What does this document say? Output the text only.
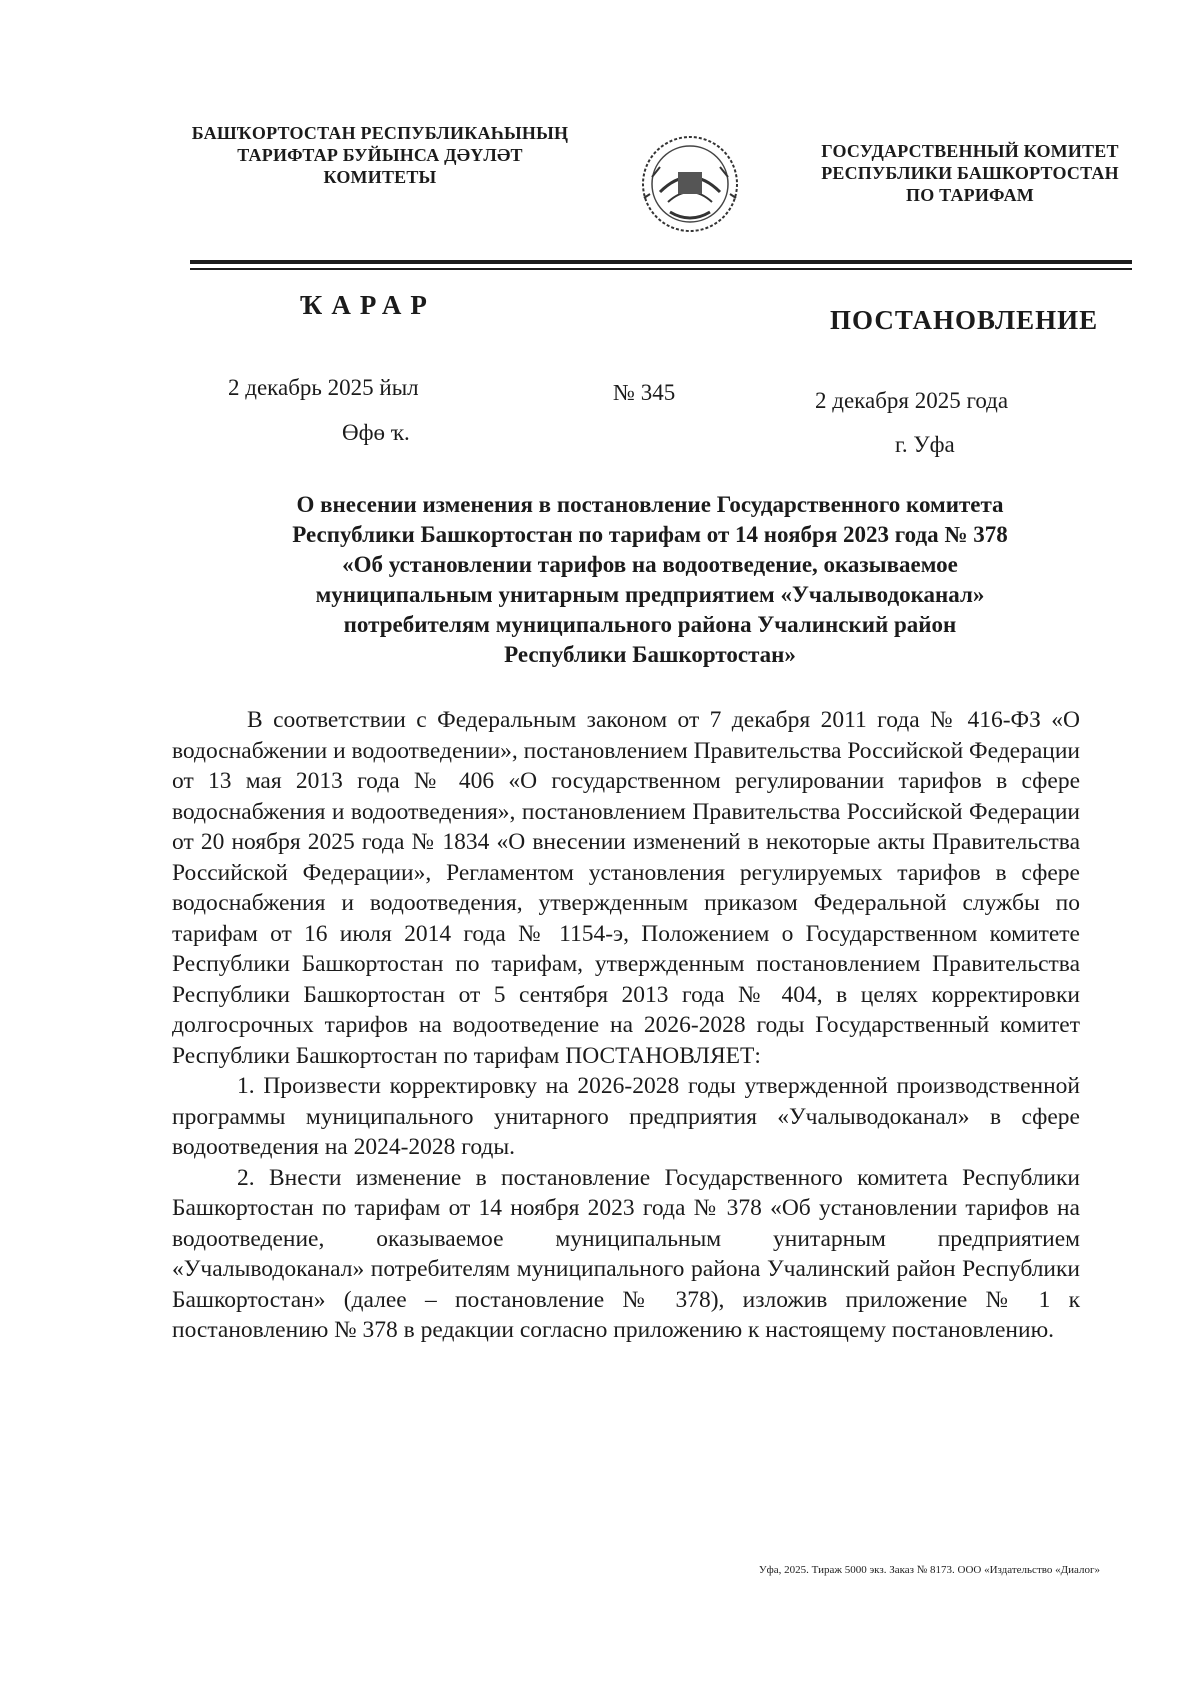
БАШҠОРТОСТАН РЕСПУБЛИКАҺЫНЫҢ
ТАРИФТАР БУЙЫНСА ДӘҮЛӘТ
КОМИТЕТЫ
ГОСУДАРСТВЕННЫЙ КОМИТЕТ
РЕСПУБЛИКИ БАШКОРТОСТАН
ПО ТАРИФАМ
ҠАРАР	ПОСТАНОВЛЕНИЕ
2 декабрь 2025 йыл	№ 345	2 декабря 2025 года
Өфө ҡ.	г. Уфа
О внесении изменения в постановление Государственного комитета
Республики Башкортостан по тарифам от 14 ноября 2023 года № 378
«Об установлении тарифов на водоотведение, оказываемое
муниципальным унитарным предприятием «Учалыводоканал»
потребителям муниципального района Учалинский район
Республики Башкортостан»

В соответствии с Федеральным законом от 7 декабря 2011 года № 416-ФЗ «О водоснабжении и водоотведении», постановлением Правительства Российской Федерации от 13 мая 2013 года № 406 «О государственном регулировании тарифов в сфере водоснабжения и водоотведения», постановлением Правительства Российской Федерации от 20 ноября 2025 года № 1834 «О внесении изменений в некоторые акты Правительства Российской Федерации», Регламентом установления регулируемых тарифов в сфере водоснабжения и водоотведения, утвержденным приказом Федеральной службы по тарифам от 16 июля 2014 года № 1154-э, Положением о Государственном комитете Республики Башкортостан по тарифам, утвержденным постановлением Правительства Республики Башкортостан от 5 сентября 2013 года № 404, в целях корректировки долгосрочных тарифов на водоотведение на 2026-2028 годы Государственный комитет Республики Башкортостан по тарифам ПОСТАНОВЛЯЕТ:

1. Произвести корректировку на 2026-2028 годы утвержденной производственной программы муниципального унитарного предприятия «Учалыводоканал» в сфере водоотведения на 2024-2028 годы.

2. Внести изменение в постановление Государственного комитета Республики Башкортостан по тарифам от 14 ноября 2023 года № 378 «Об установлении тарифов на водоотведение, оказываемое муниципальным унитарным предприятием «Учалыводоканал» потребителям муниципального района Учалинский район Республики Башкортостан» (далее – постановление № 378), изложив приложение № 1 к постановлению № 378 в редакции согласно приложению к настоящему постановлению.

Уфа, 2025. Тираж 5000 экз. Заказ № 8173. ООО «Издательство «Диалог»
